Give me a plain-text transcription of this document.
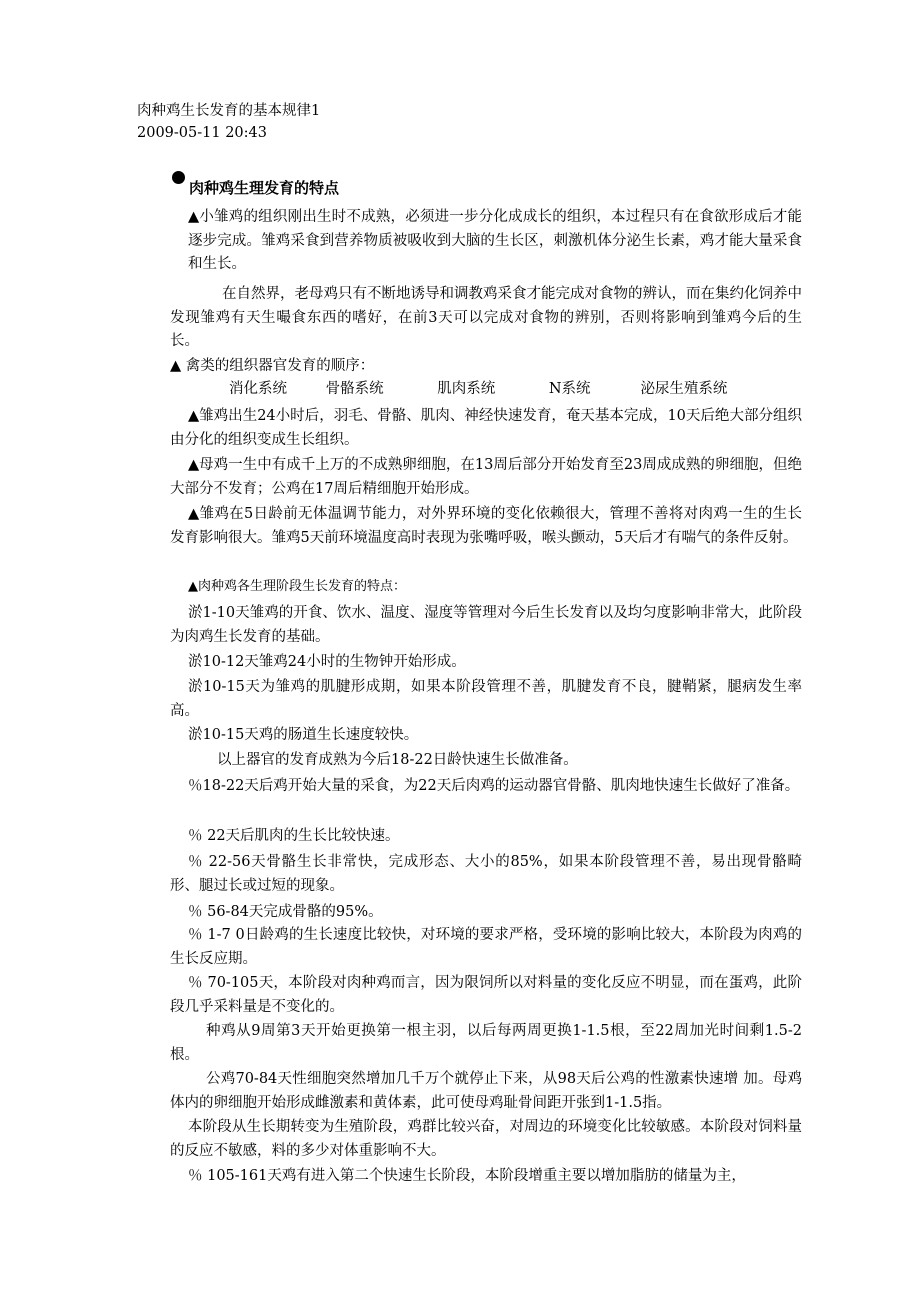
肉种鸡生长发育的基本规律1
2009-05-11 20:43
肉种鸡生理发育的特点
▲小雏鸡的组织刚出生时不成熟，必须进一步分化成成长的组织，本过程只有在食欲形成后才能逐步完成。雏鸡采食到营养物质被吸收到大脑的生长区，刺激机体分泌生长素，鸡才能大量采食和生长。
在自然界，老母鸡只有不断地诱导和调教鸡采食才能完成对食物的辨认，而在集约化饲养中发现雏鸡有天生嘬食东西的嗜好，在前3天可以完成对食物的辨别，否则将影响到雏鸡今后的生长。
▲ 禽类的组织器官发育的顺序：
消化系统	骨骼系统	肌肉系统	N系统	泌尿生殖系统
▲雏鸡出生24小时后，羽毛、骨骼、肌肉、神经快速发育，奄天基本完成，10天后绝大部分组织由分化的组织变成生长组织。
▲母鸡一生中有成千上万的不成熟卵细胞，在13周后部分开始发育至23周成成熟的卵细胞，但绝大部分不发育；公鸡在17周后精细胞开始形成。
▲雏鸡在5日龄前无体温调节能力，对外界环境的变化依赖很大，管理不善将对肉鸡一生的生长发育影响很大。雏鸡5天前环境温度高时表现为张嘴呼吸，喉头颤动，5天后才有喘气的条件反射。
▲肉种鸡各生理阶段生长发育的特点：
淤1-10天雏鸡的开食、饮水、温度、湿度等管理对今后生长发育以及均匀度影响非常大，此阶段为肉鸡生长发育的基础。
淤10-12天雏鸡24小时的生物钟开始形成。
淤10-15天为雏鸡的肌腱形成期，如果本阶段管理不善，肌腱发育不良，腱鞘紧，腿病发生率高。
淤10-15天鸡的肠道生长速度较快。
以上器官的发育成熟为今后18-22日龄快速生长做准备。
％18-22天后鸡开始大量的采食，为22天后肉鸡的运动器官骨骼、肌肉地快速生长做好了准备。
％ 22天后肌肉的生长比较快速。
％ 22-56天骨骼生长非常快，完成形态、大小的85%，如果本阶段管理不善，易出现骨骼畸形、腿过长或过短的现象。
％ 56-84天完成骨骼的95%。
％ 1-7 0日龄鸡的生长速度比较快，对环境的要求严格，受环境的影响比较大，本阶段为肉鸡的生长反应期。
％ 70-105天，本阶段对肉种鸡而言，因为限饲所以对料量的变化反应不明显，而在蛋鸡，此阶段几乎采料量是不变化的。
种鸡从9周第3天开始更换第一根主羽，以后每两周更换1-1.5根，至22周加光时间剩1.5-2 根。
公鸡70-84天性细胞突然增加几千万个就停止下来，从98天后公鸡的性激素快速增 加。母鸡体内的卵细胞开始形成雌激素和黄体素，此可使母鸡耻骨间距开张到1-1.5指。
本阶段从生长期转变为生殖阶段，鸡群比较兴奋，对周边的环境变化比较敏感。本阶段对饲料量的反应不敏感，料的多少对体重影响不大。
％ 105-161天鸡有进入第二个快速生长阶段，本阶段增重主要以增加脂肪的储量为主，
